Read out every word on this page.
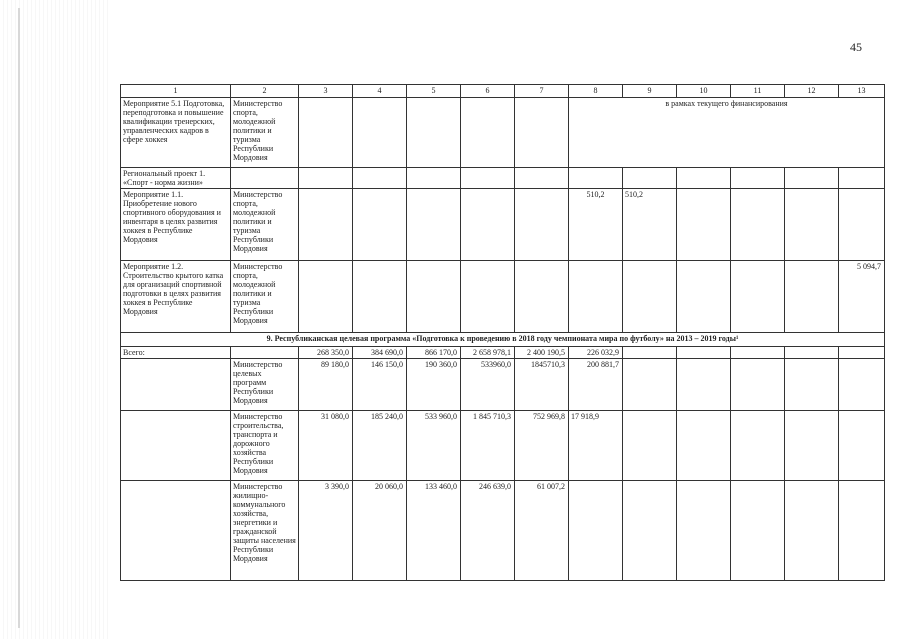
45
1	2	3	4	5	6	7	8	9	10	11	12	13
Мероприятие 5.1 Подготовка, переподготовка и повышение квалификации тренерских, управленческих кадров в сфере хоккея	Министерство спорта, молодежной политики и туризма Республики Мордовия						в рамках текущего финансирования					
Региональный проект 1. «Спорт - норма жизни»												
Мероприятие 1.1. Приобретение нового спортивного оборудования и инвентаря в целях развития хоккея в Республике Мордовия	Министерство спорта, молодежной политики и туризма Республики Мордовия						510,2	510,2				
Мероприятие 1.2. Строительство крытого катка для организаций спортивной подготовки в целях развития хоккея в Республике Мордовия	Министерство спорта, молодежной политики и туризма Республики Мордовия											5 094,7
9. Республиканская целевая программа «Подготовка к проведению в 2018 году чемпионата мира по футболу» на 2013 – 2019 годы¹												
Всего:		268 350,0	384 690,0	866 170,0	2 658 978,1	2 400 190,5	226 032,9					
	Министерство целевых программ Республики Мордовия	89 180,0	146 150,0	190 360,0	533960,0	1845710,3	200 881,7					
	Министерство строительства, транспорта и дорожного хозяйства Республики Мордовия	31 080,0	185 240,0	533 960,0	1 845 710,3	752 969,8	17 918,9					
	Министерство жилищно-коммунального хозяйства, энергетики и гражданской защиты населения Республики Мордовия	3 390,0	20 060,0	133 460,0	246 639,0	61 007,2						
